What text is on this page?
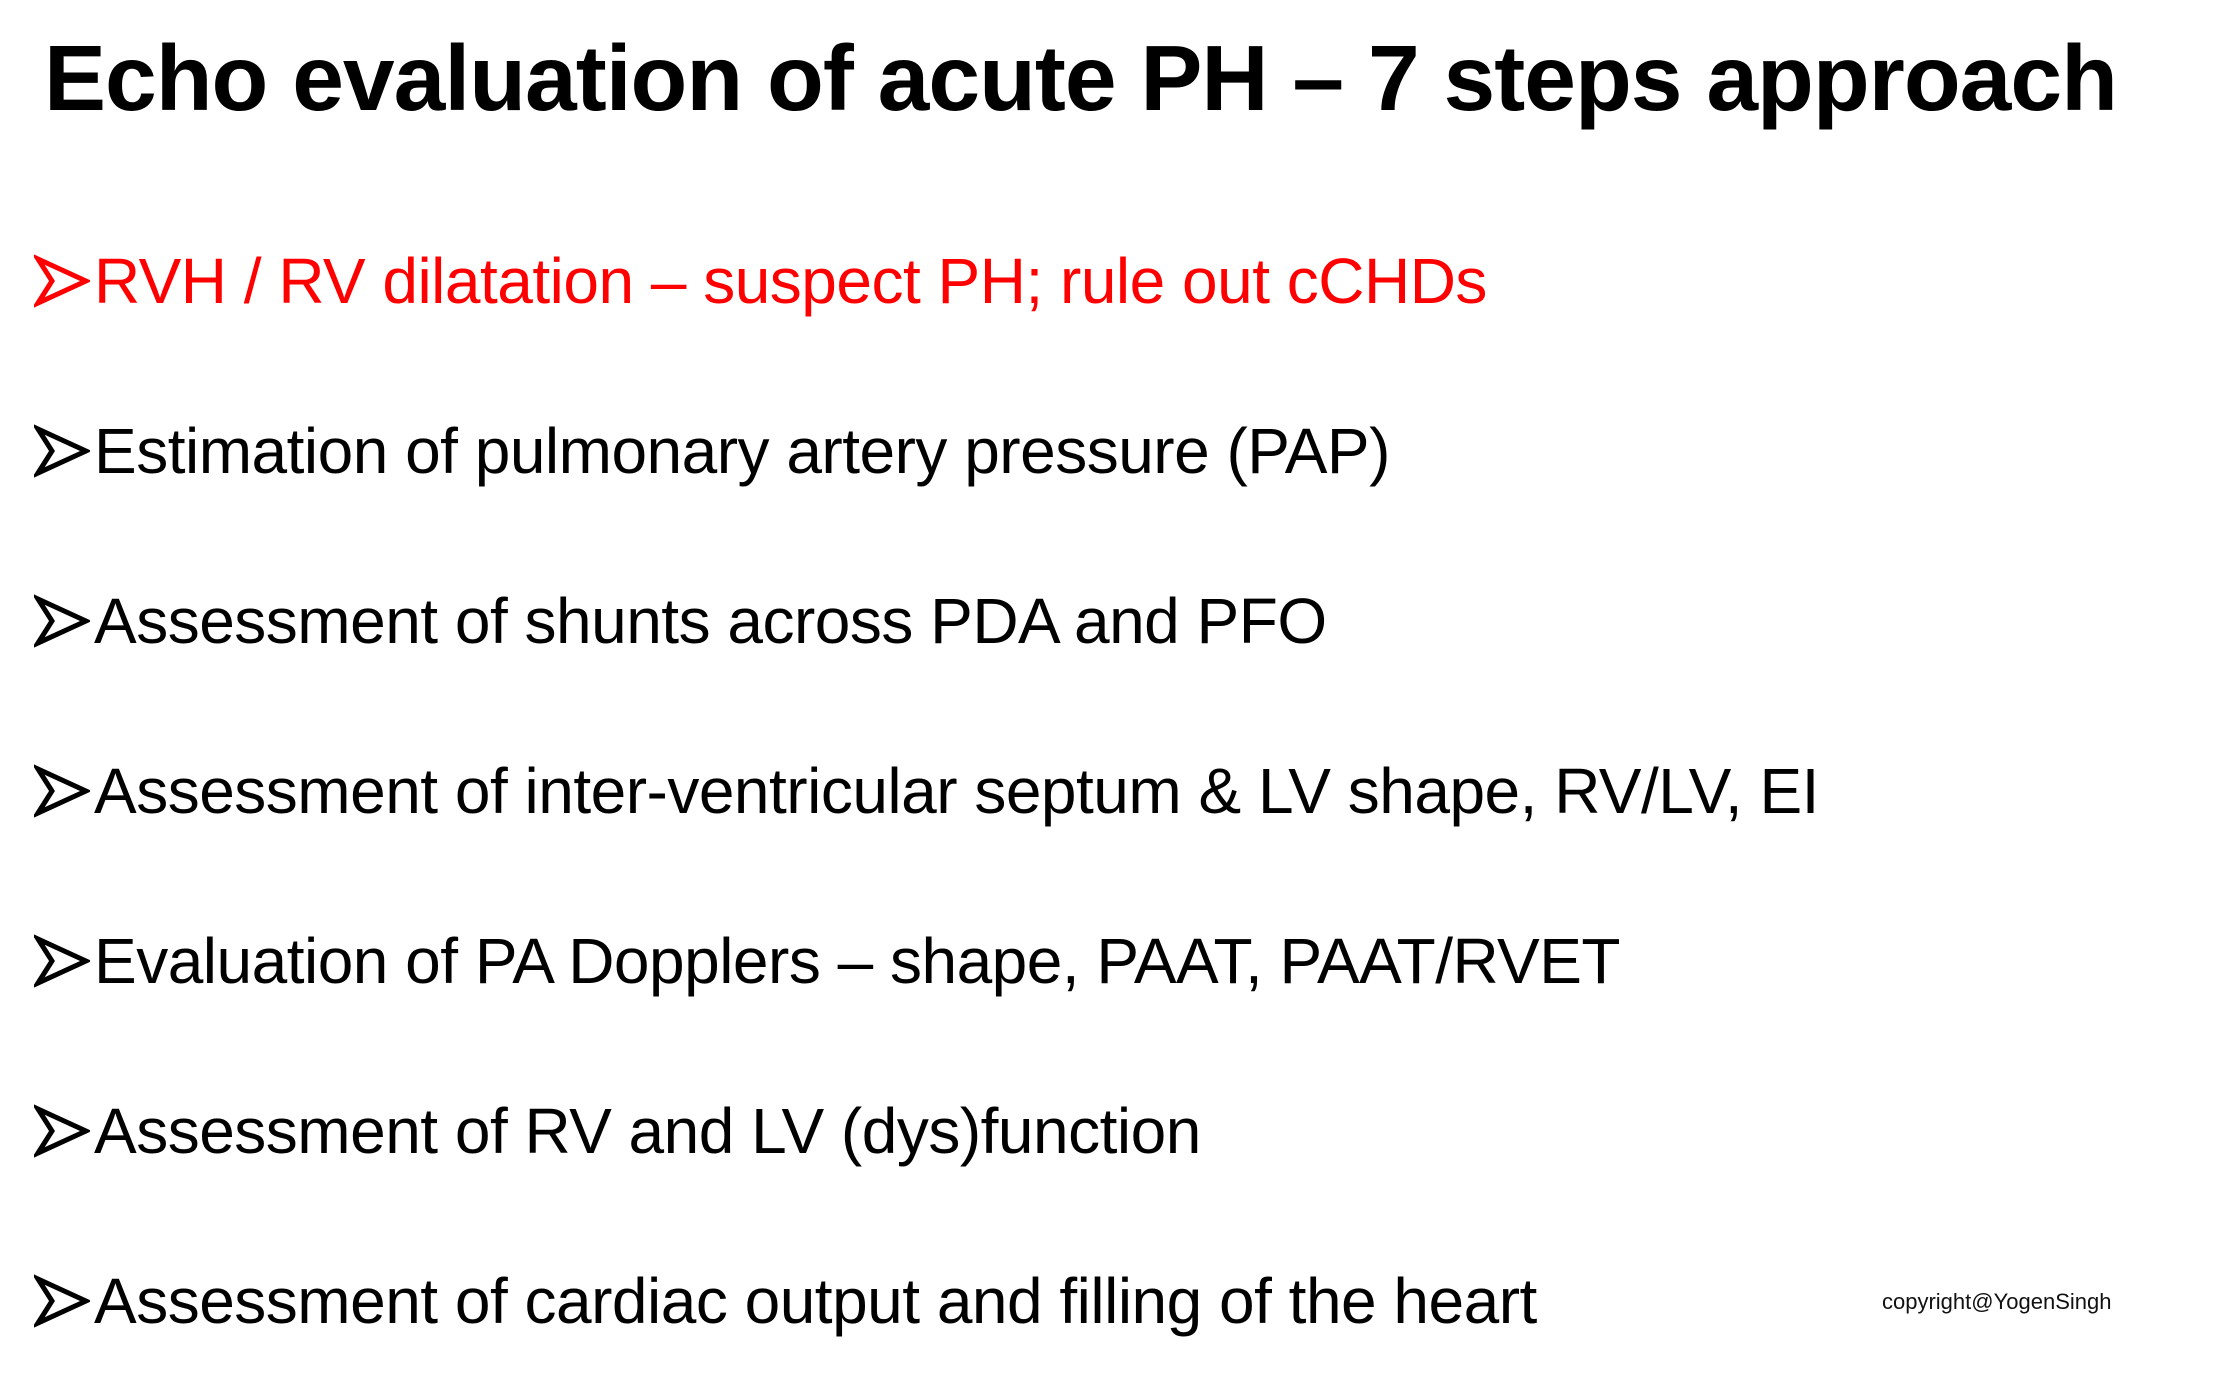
Echo evaluation of acute PH – 7 steps approach
RVH / RV dilatation – suspect PH; rule out cCHDs
Estimation of pulmonary artery pressure (PAP)
Assessment of shunts across PDA and PFO
Assessment of inter-ventricular septum & LV shape, RV/LV, EI
Evaluation of PA Dopplers – shape, PAAT, PAAT/RVET
Assessment of RV and LV (dys)function
Assessment of cardiac output and filling of the heart	copyright@YogenSingh
